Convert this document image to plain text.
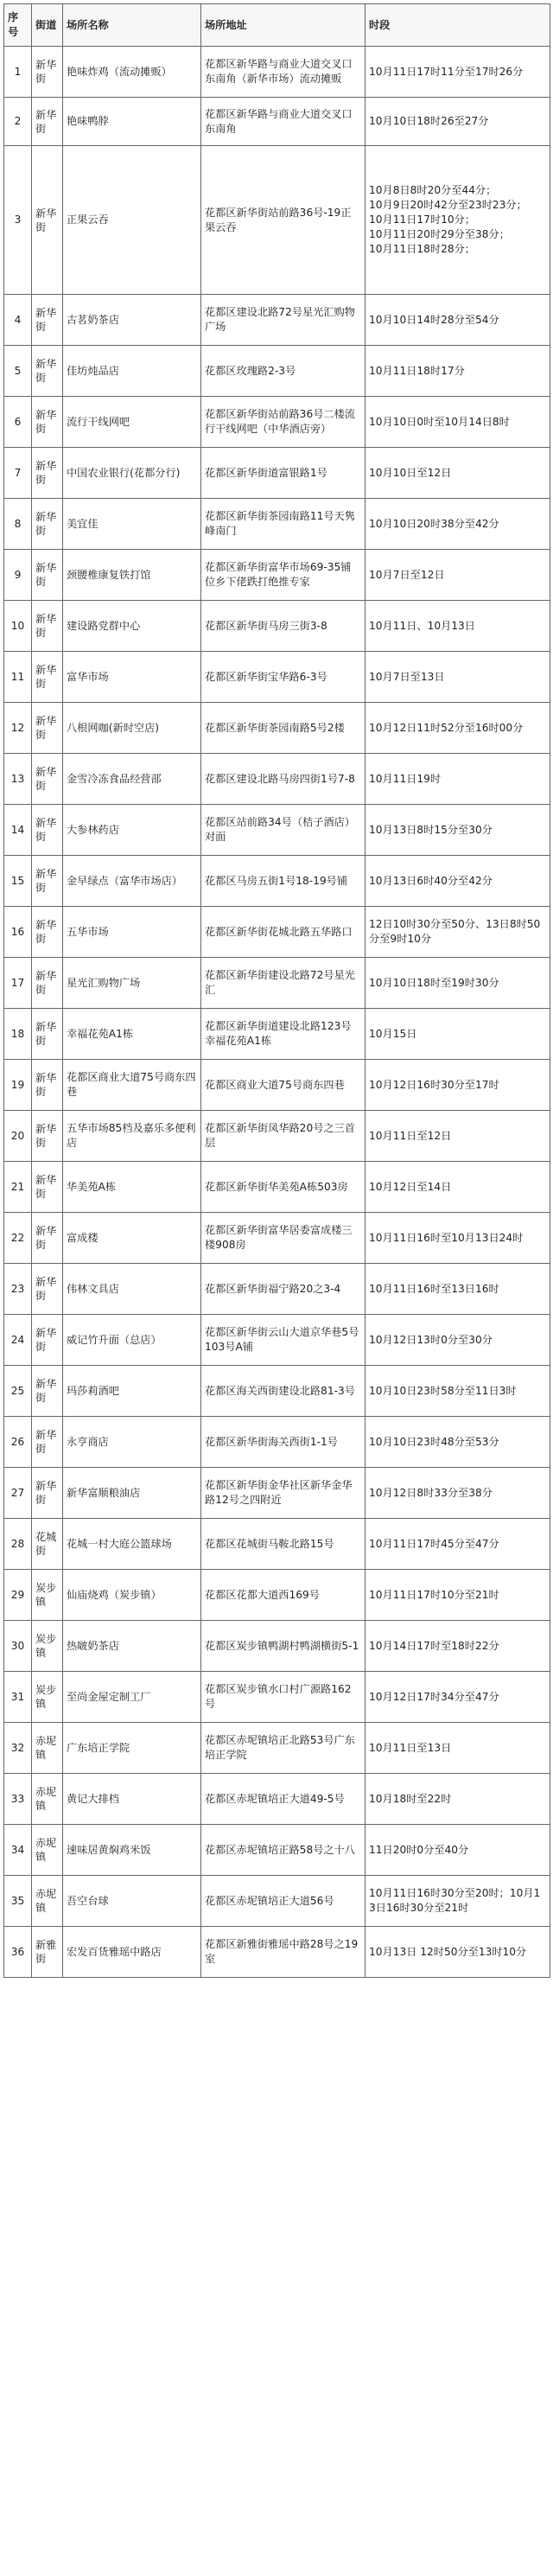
序号	街道	场所名称	场所地址	时段
1	新华街	艳味炸鸡（流动摊贩）	花都区新华路与商业大道交叉口东南角（新华市场）流动摊贩	10月11日17时11分至17时26分
2	新华街	艳味鸭脖	花都区新华路与商业大道交叉口东南角	10月10日18时26至27分
3	新华街	正果云吞	花都区新华街站前路36号-19正果云吞	10月8日8时20分至44分；
10月9日20时42分至23时23分；
10月11日17时10分；
10月11日20时29分至38分；
10月11日18时28分；
4	新华街	古茗奶茶店	花都区建设北路72号星光汇购物广场	10月10日14时28分至54分
5	新华街	佳坊炖品店	花都区玫瑰路2-3号	10月11日18时17分
6	新华街	流行干线网吧	花都区新华街站前路36号二楼流行干线网吧（中华酒店旁）	10月10日0时至10月14日8时
7	新华街	中国农业银行(花都分行)	花都区新华街道富银路1号	10月10日至12日
8	新华街	美宜佳	花都区新华街茶园南路11号天隽峰南门	10月10日20时38分至42分
9	新华街	颈腰椎康复铁打馆	花都区新华街富华市场69-35铺位乡下佬跌打绝推专家	10月7日至12日
10	新华街	建设路党群中心	花都区新华街马房三街3-8	10月11日、10月13日
11	新华街	富华市场	花都区新华街宝华路6-3号	10月7日至13日
12	新华街	八根网咖(新时空店)	花都区新华街茶园南路5号2楼	10月12日11时52分至16时00分
13	新华街	金雪冷冻食品经营部	花都区建设北路马房四街1号7-8	10月11日19时
14	新华街	大参林药店	花都区站前路34号（桔子酒店）对面	10月13日8时15分至30分
15	新华街	金早绿点（富华市场店）	花都区马房五街1号18-19号铺	10月13日6时40分至42分
16	新华街	五华市场	花都区新华街花城北路五华路口	12日10时30分至50分、13日8时50分至9时10分
17	新华街	星光汇购物广场	花都区新华街建设北路72号星光汇	10月10日18时至19时30分
18	新华街	幸福花苑A1栋	花都区新华街道建设北路123号幸福花苑A1栋	10月15日
19	新华街	花都区商业大道75号商东四巷	花都区商业大道75号商东四巷	10月12日16时30分至17时
20	新华街	五华市场85档及嘉乐多便利店	花都区新华街凤华路20号之三首层	10月11日至12日
21	新华街	华美苑A栋	花都区新华街华美苑A栋503房	10月12日至14日
22	新华街	富成楼	花都区新华街富华居委富成楼三楼908房	10月11日16时至10月13日24时
23	新华街	伟林文具店	花都区新华街福宁路20之3-4	10月11日16时至13日16时
24	新华街	威记竹升面（总店）	花都区新华街云山大道京华巷5号103号A铺	10月12日13时0分至30分
25	新华街	玛莎莉酒吧	花都区海关西街建设北路81-3号	10月10日23时58分至11日3时
26	新华街	永亨商店	花都区新华街海关西街1-1号	10月10日23时48分至53分
27	新华街	新华富顺粮油店	花都区新华街金华社区新华金华路12号之四附近	10月12日8时33分至38分
28	花城街	花城一村大庭公篮球场	花都区花城街马鞍北路15号	10月11日17时45分至47分
29	炭步镇	仙庙烧鸡（炭步镇）	花都区花都大道西169号	10月11日17时10分至21时
30	炭步镇	热啵奶茶店	花都区炭步镇鸭湖村鸭湖横街5-1	10月14日17时至18时22分
31	炭步镇	至尚金屋定制工厂	花都区炭步镇水口村广源路162号	10月12日17时34分至47分
32	赤坭镇	广东培正学院	花都区赤坭镇培正北路53号广东培正学院	10月11日至13日
33	赤坭镇	黄记大排档	花都区赤坭镇培正大道49-5号	10月18时至22时
34	赤坭镇	速味居黄焖鸡米饭	花都区赤坭镇培正路58号之十八	11日20时0分至40分
35	赤坭镇	吾空台球	花都区赤坭镇培正大道56号	10月11日16时30分至20时；10月13日16时30分至21时
36	新雅街	宏发百货雅瑶中路店	花都区新雅街雅瑶中路28号之19室	10月13日 12时50分至13时10分
